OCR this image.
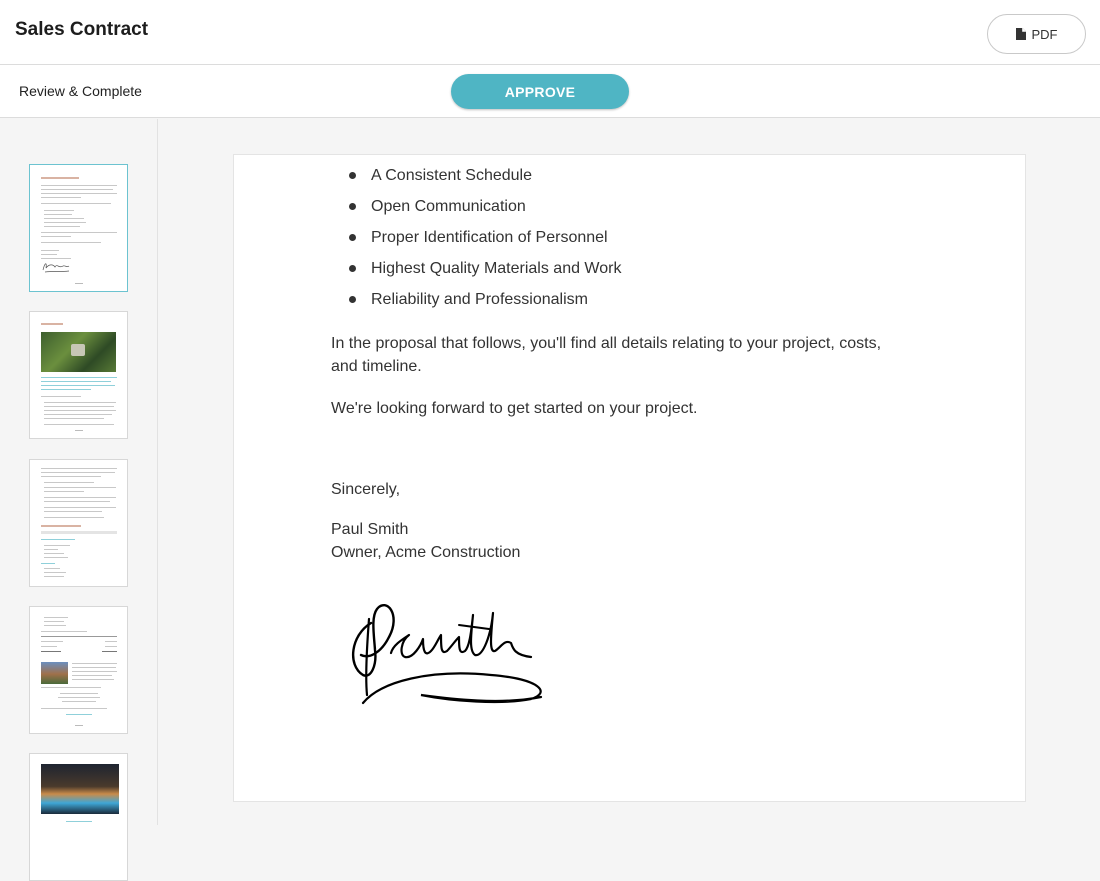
Sales Contract	PDF
Review & Complete	APPROVE
A Consistent Schedule
Open Communication
Proper Identification of Personnel
Highest Quality Materials and Work
Reliability and Professionalism

In the proposal that follows, you'll find all details relating to your project, costs, and timeline.

We're looking forward to get started on your project.

Sincerely,

Paul Smith

Owner, Acme Construction
